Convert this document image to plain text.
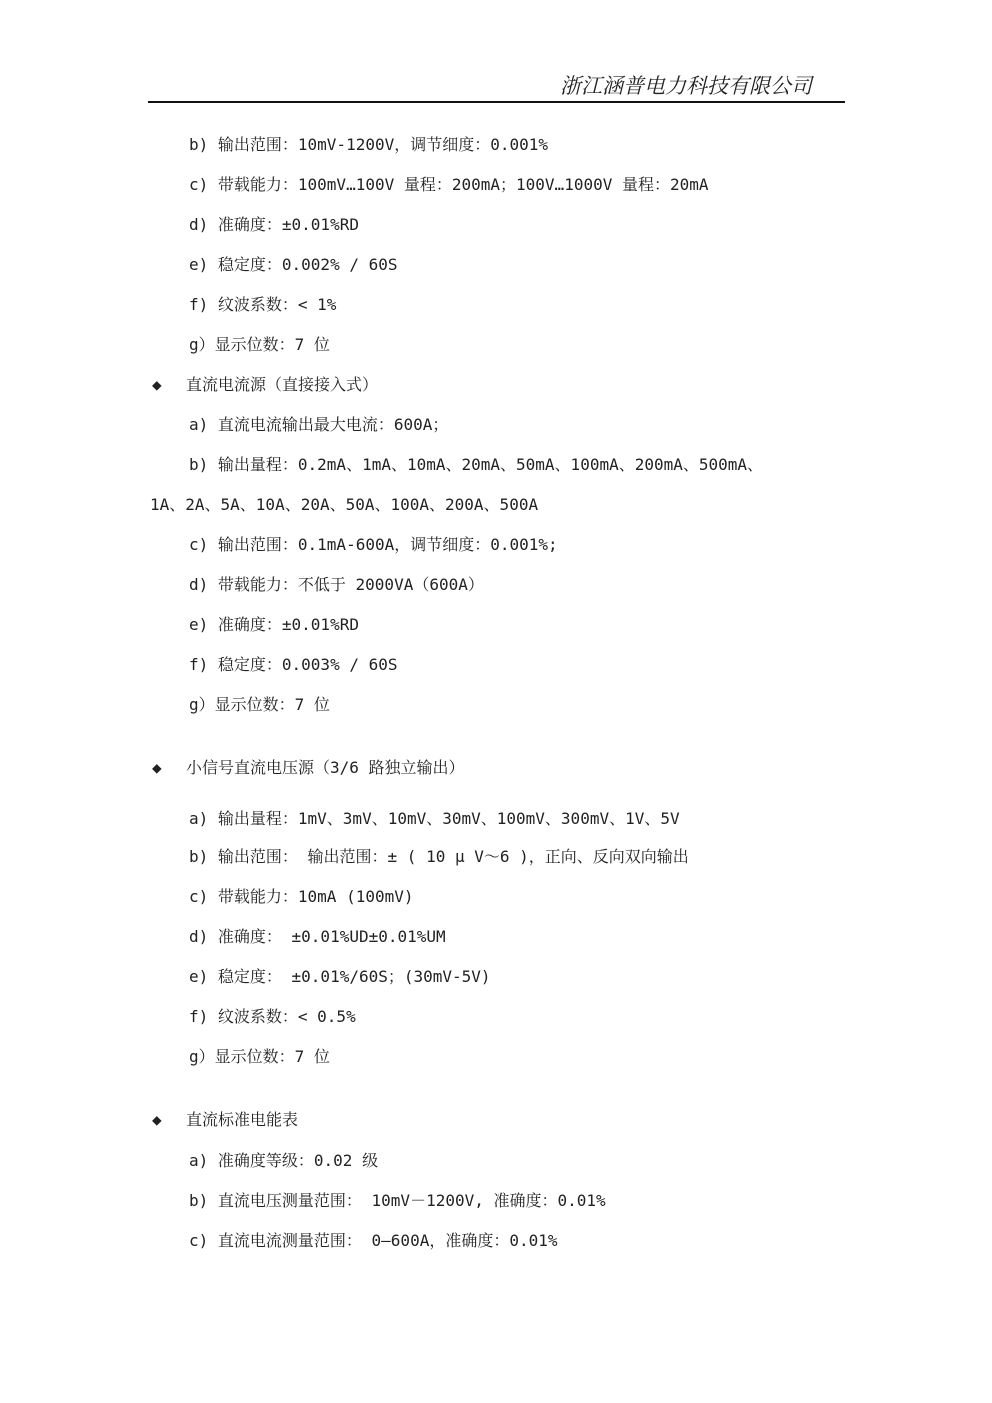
浙江涵普电力科技有限公司
b) 输出范围：10mV-1200V，调节细度：0.001%
c) 带载能力：100mV…100V 量程：200mA；100V…1000V 量程：20mA
d) 准确度：±0.01%RD
e) 稳定度：0.002% / 60S
f) 纹波系数：< 1%
g）显示位数：7 位
◆ 直流电流源（直接接入式）
a) 直流电流输出最大电流：600A；
b) 输出量程：0.2mA、1mA、10mA、20mA、50mA、100mA、200mA、500mA、
1A、2A、5A、10A、20A、50A、100A、200A、500A
c) 输出范围：0.1mA-600A，调节细度：0.001%;
d) 带载能力：不低于 2000VA（600A）
e) 准确度：±0.01%RD
f) 稳定度：0.003% / 60S
g）显示位数：7 位
◆ 小信号直流电压源（3/6 路独立输出）
a) 输出量程：1mV、3mV、10mV、30mV、100mV、300mV、1V、5V
b) 输出范围： 输出范围：± ( 10 μ V～6 )，正向、反向双向输出
c) 带载能力：10mA (100mV)
d) 准确度： ±0.01%UD±0.01%UM
e) 稳定度： ±0.01%/60S；(30mV-5V)
f) 纹波系数：< 0.5%
g）显示位数：7 位
◆ 直流标准电能表
a) 准确度等级：0.02 级
b) 直流电压测量范围： 10mV－1200V, 准确度：0.01%
c) 直流电流测量范围： 0—600A，准确度：0.01%
